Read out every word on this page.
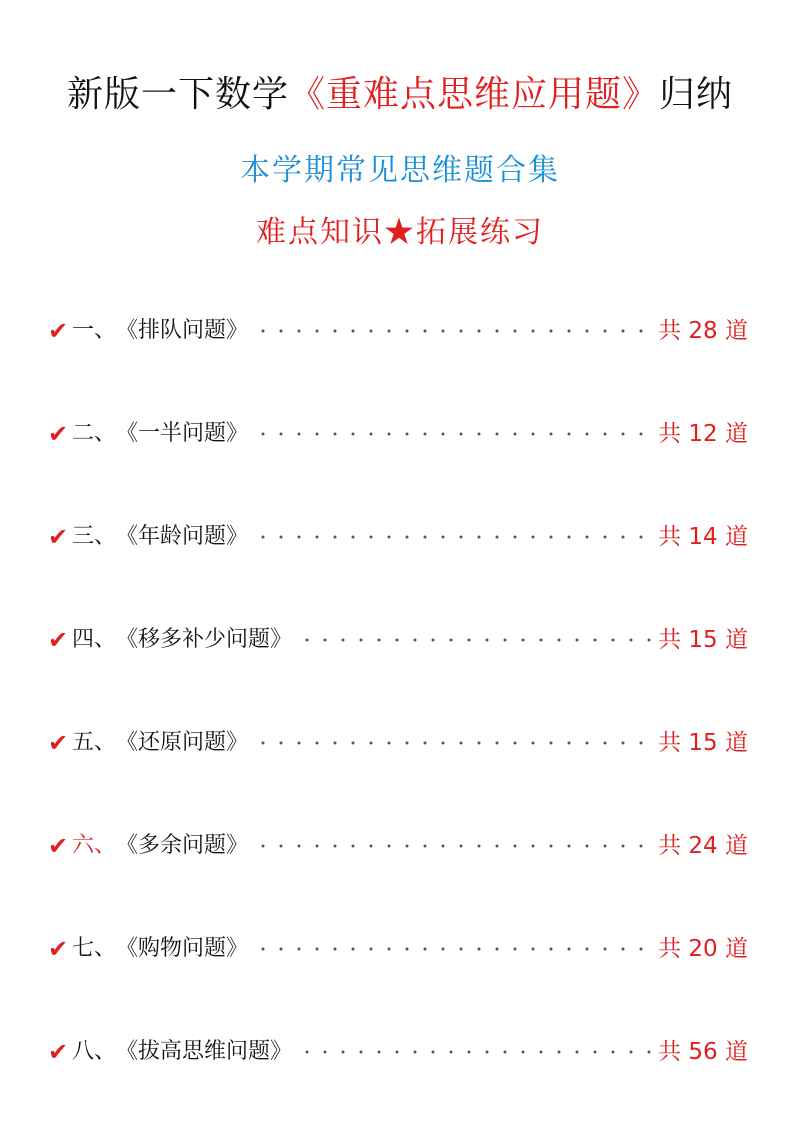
新版一下数学《重难点思维应用题》归纳
本学期常见思维题合集
难点知识★拓展练习
✔ 一、 《排队问题》	共 28 道
✔ 二、 《一半问题》	共 12 道
✔ 三、 《年龄问题》	共 14 道
✔ 四、 《移多补少问题》	共 15 道
✔ 五、 《还原问题》	共 15 道
✔ 六、 《多余问题》	共 24 道
✔ 七、 《购物问题》	共 20 道
✔ 八、 《拔高思维问题》	共 56 道
